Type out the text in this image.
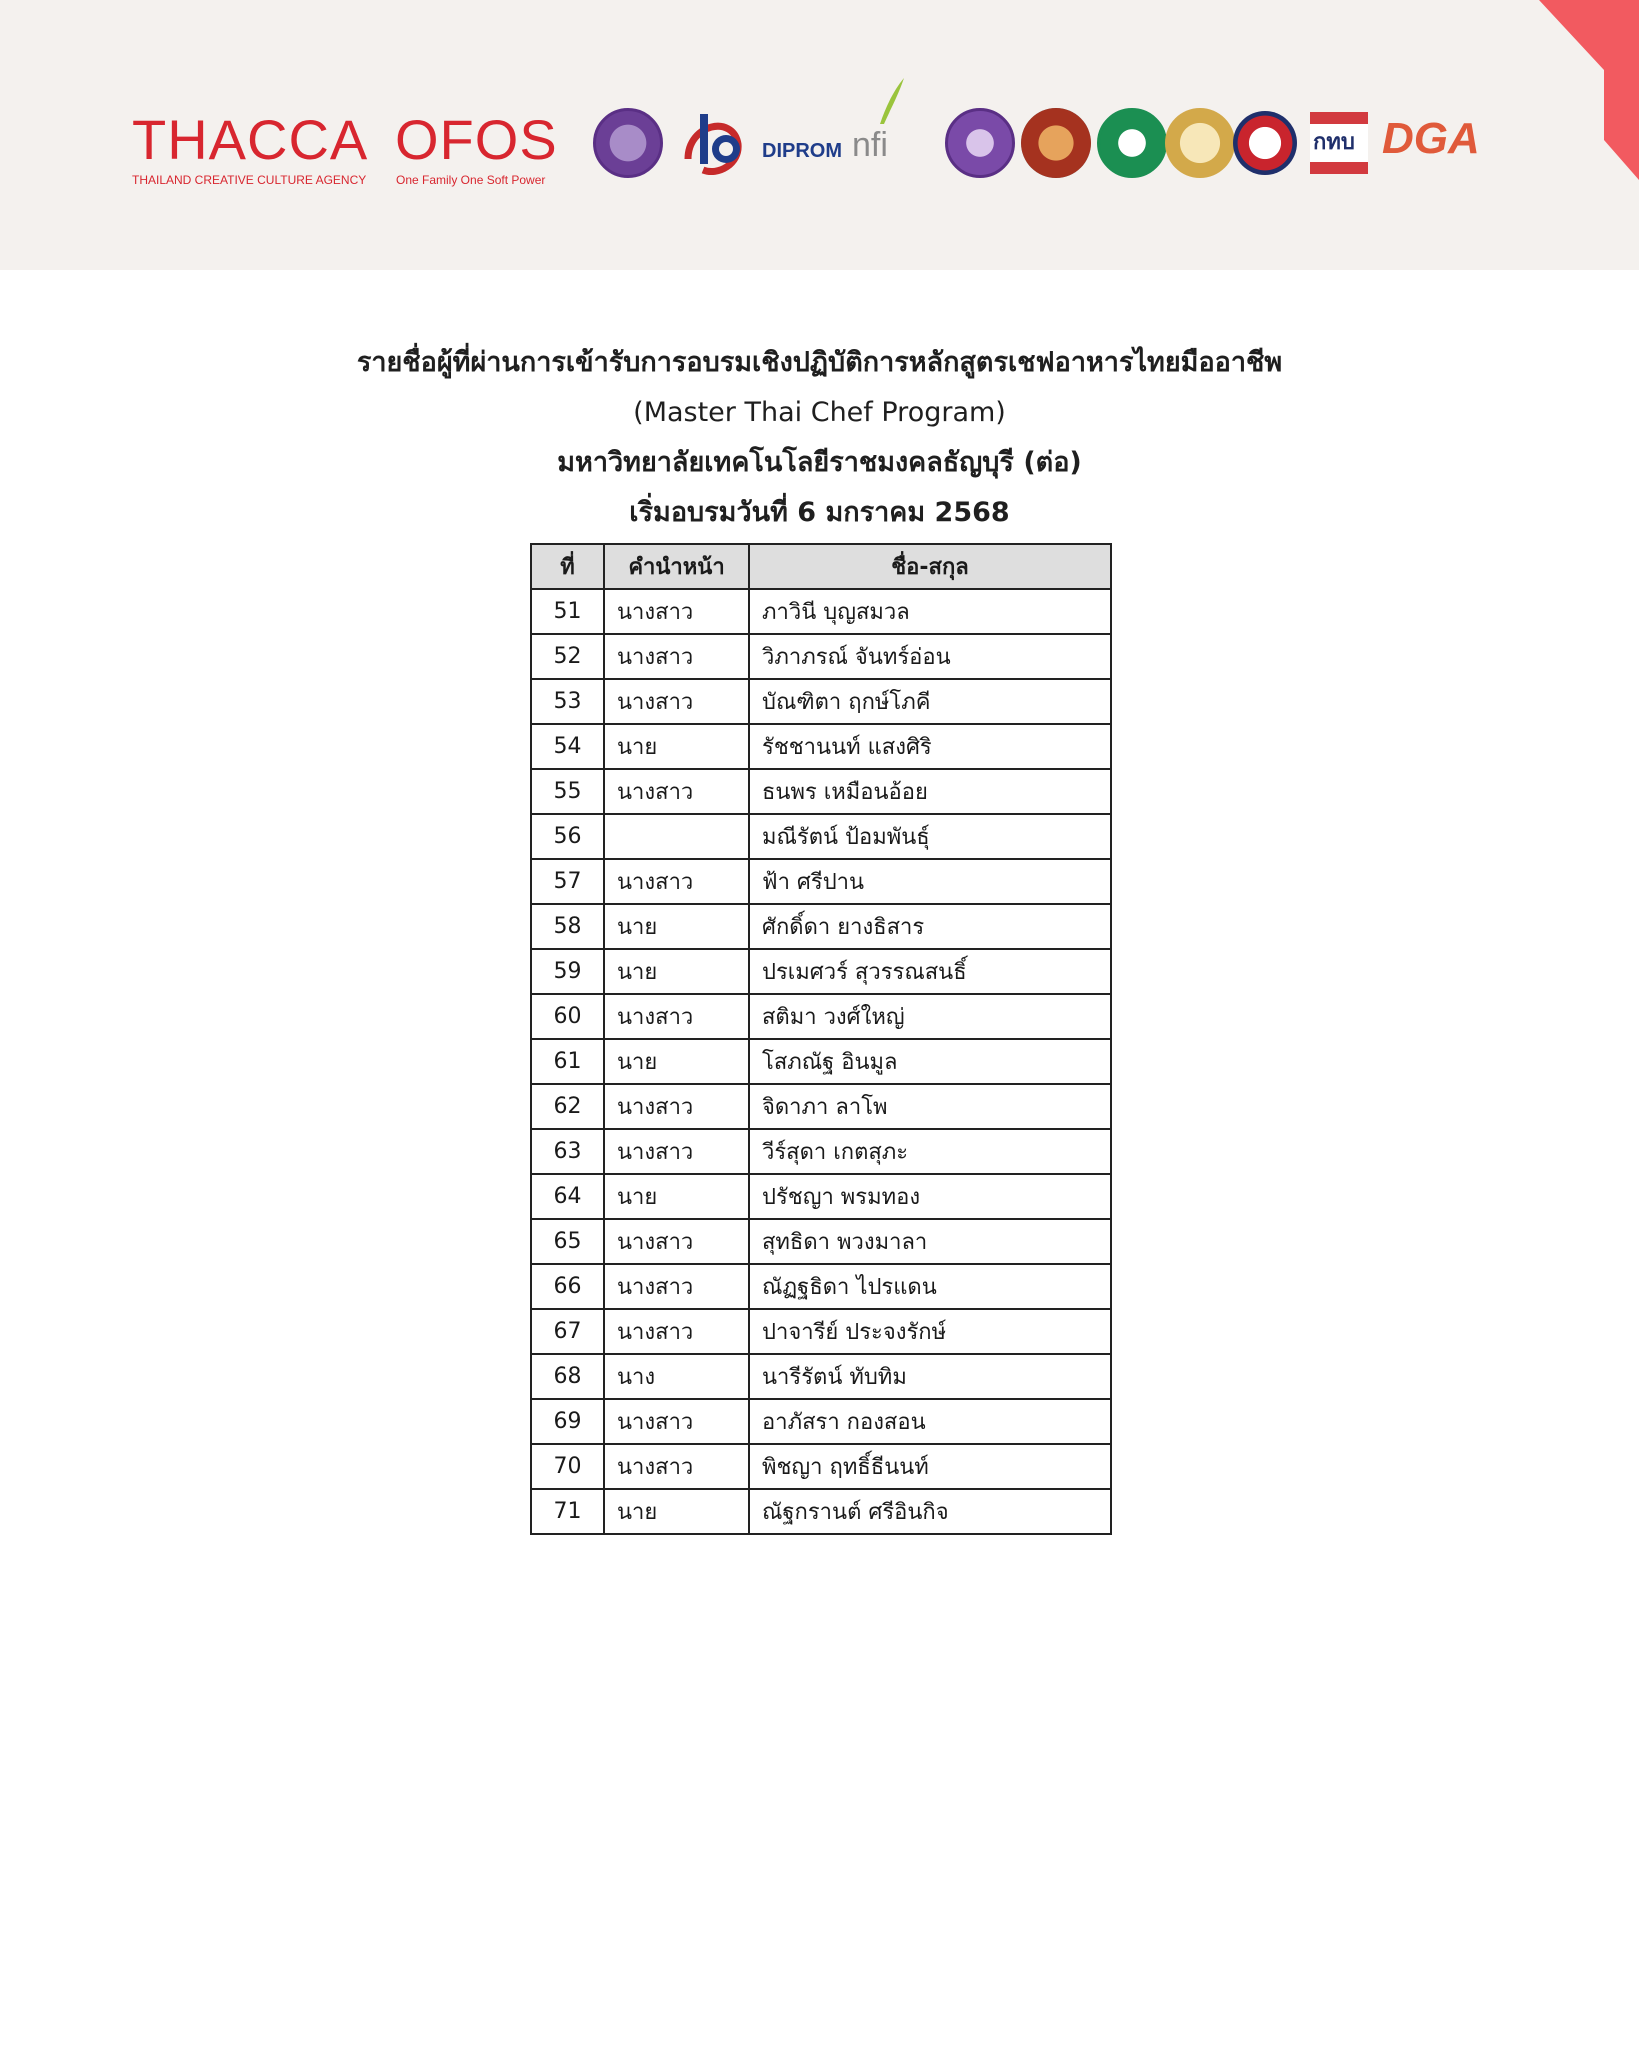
THACCA
THAILAND CREATIVE CULTURE AGENCY
OFOS
One Family One Soft Power
DIPROM nfi	กทบ DGA
รายชื่อผู้ที่ผ่านการเข้ารับการอบรมเชิงปฏิบัติการหลักสูตรเชฟอาหารไทยมืออาชีพ
(Master Thai Chef Program)
มหาวิทยาลัยเทคโนโลยีราชมงคลธัญบุรี (ต่อ)
เริ่มอบรมวันที่ 6 มกราคม 2568
ที่	คำนำหน้า	ชื่อ-สกุล
51	นางสาว	ภาวินี บุญสมวล
52	นางสาว	วิภาภรณ์ จันทร์อ่อน
53	นางสาว	บัณฑิตา ฤกษ์โภคี
54	นาย	รัชชานนท์ แสงศิริ
55	นางสาว	ธนพร เหมือนอ้อย
56		มณีรัตน์ ป้อมพันธุ์
57	นางสาว	ฟ้า ศรีปาน
58	นาย	ศักดิ์ดา ยางธิสาร
59	นาย	ปรเมศวร์ สุวรรณสนธิ์
60	นางสาว	สติมา วงศ์ใหญ่
61	นาย	โสภณัฐ อินมูล
62	นางสาว	จิดาภา ลาโพ
63	นางสาว	วีร์สุดา เกตสุภะ
64	นาย	ปรัชญา พรมทอง
65	นางสาว	สุทธิดา พวงมาลา
66	นางสาว	ณัฏฐธิดา ไปรแดน
67	นางสาว	ปาจารีย์ ประจงรักษ์
68	นาง	นารีรัตน์ ทับทิม
69	นางสาว	อาภัสรา กองสอน
70	นางสาว	พิชญา ฤทธิ์ธีนนท์
71	นาย	ณัฐกรานต์ ศรีอินกิจ
